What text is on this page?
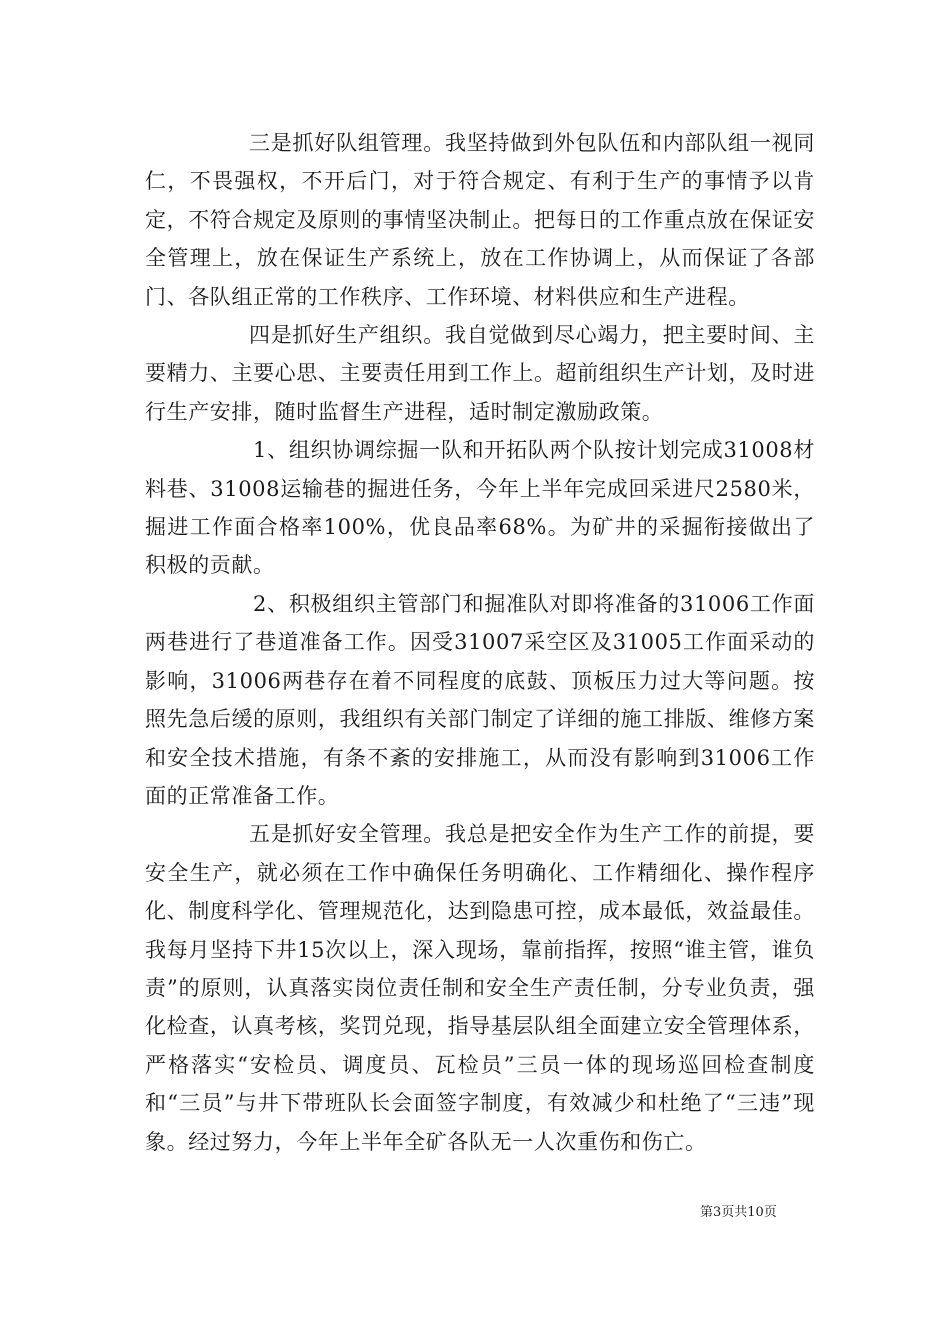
三是抓好队组管理。我坚持做到外包队伍和内部队组一视同仁，不畏强权，不开后门，对于符合规定、有利于生产的事情予以肯定，不符合规定及原则的事情坚决制止。把每日的工作重点放在保证安全管理上，放在保证生产系统上，放在工作协调上，从而保证了各部门、各队组正常的工作秩序、工作环境、材料供应和生产进程。

四是抓好生产组织。我自觉做到尽心竭力，把主要时间、主要精力、主要心思、主要责任用到工作上。超前组织生产计划，及时进行生产安排，随时监督生产进程，适时制定激励政策。

1、组织协调综掘一队和开拓队两个队按计划完成31008材料巷、31008运输巷的掘进任务，今年上半年完成回采进尺2580米，掘进工作面合格率100%，优良品率68%。为矿井的采掘衔接做出了积极的贡献。

2、积极组织主管部门和掘准队对即将准备的31006工作面两巷进行了巷道准备工作。因受31007采空区及31005工作面采动的影响，31006两巷存在着不同程度的底鼓、顶板压力过大等问题。按照先急后缓的原则，我组织有关部门制定了详细的施工排版、维修方案和安全技术措施，有条不紊的安排施工，从而没有影响到31006工作面的正常准备工作。

五是抓好安全管理。我总是把安全作为生产工作的前提，要安全生产，就必须在工作中确保任务明确化、工作精细化、操作程序化、制度科学化、管理规范化，达到隐患可控，成本最低，效益最佳。我每月坚持下井15次以上，深入现场，靠前指挥，按照“谁主管，谁负责”的原则，认真落实岗位责任制和安全生产责任制，分专业负责，强化检查，认真考核，奖罚兑现，指导基层队组全面建立安全管理体系，严格落实“安检员、调度员、瓦检员”三员一体的现场巡回检查制度和“三员”与井下带班队长会面签字制度，有效减少和杜绝了“三违”现象。经过努力，今年上半年全矿各队无一人次重伤和伤亡。

第3页共10页
